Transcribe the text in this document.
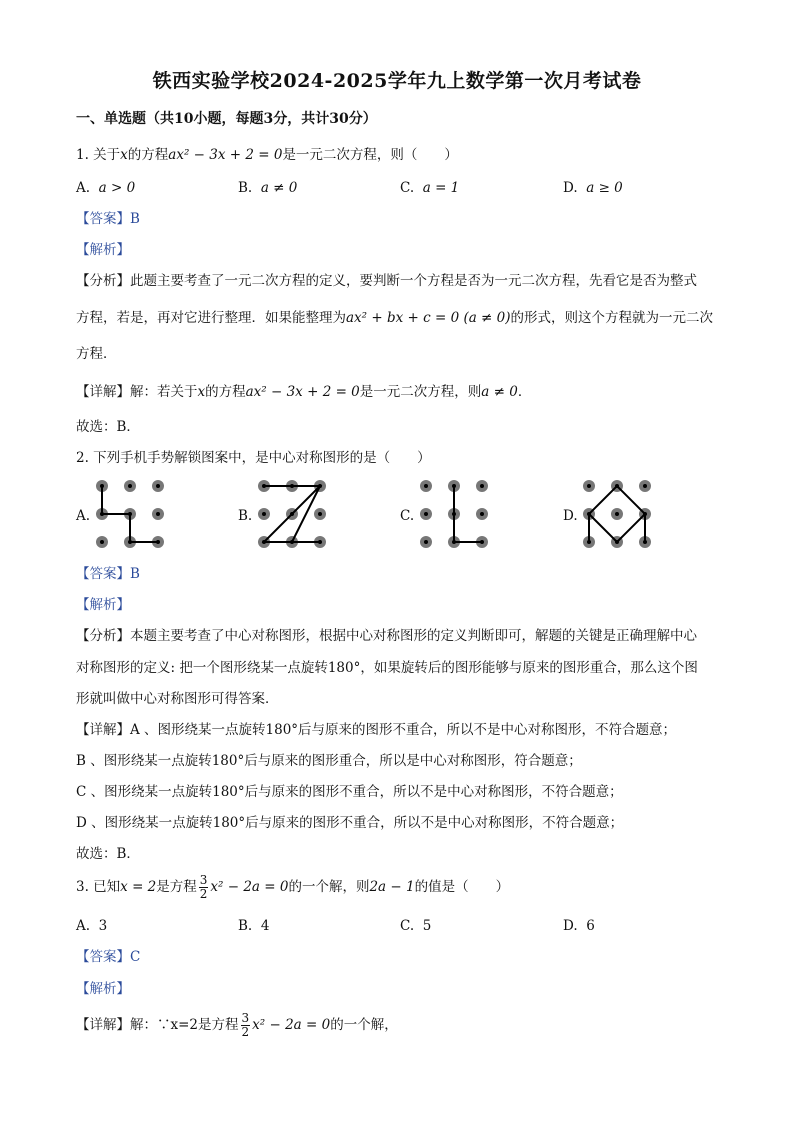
铁西实验学校2024-2025学年九上数学第一次月考试卷
一、单选题（共10小题，每题3分，共计30分）
1. 关于x的方程ax² − 3x + 2 = 0是一元二次方程，则（　　）
A. a > 0	B. a ≠ 0	C. a = 1	D. a ≥ 0
【答案】B
【解析】
【分析】此题主要考查了一元二次方程的定义，要判断一个方程是否为一元二次方程，先看它是否为整式
方程，若是，再对它进行整理．如果能整理为ax² + bx + c = 0 (a ≠ 0)的形式，则这个方程就为一元二次
方程．
【详解】解：若关于x的方程ax² − 3x + 2 = 0是一元二次方程，则a ≠ 0．
故选：B．
2. 下列手机手势解锁图案中，是中心对称图形的是（　　）
A.	B.	C.	D.
【答案】B
【解析】
【分析】本题主要考查了中心对称图形，根据中心对称图形的定义判断即可，解题的关键是正确理解中心
对称图形的定义: 把一个图形绕某一点旋转180°，如果旋转后的图形能够与原来的图形重合，那么这个图
形就叫做中心对称图形可得答案．
【详解】A 、图形绕某一点旋转180°后与原来的图形不重合，所以不是中心对称图形，不符合题意；
B 、图形绕某一点旋转180°后与原来的图形重合，所以是中心对称图形，符合题意；
C 、图形绕某一点旋转180°后与原来的图形不重合，所以不是中心对称图形，不符合题意；
D 、图形绕某一点旋转180°后与原来的图形不重合，所以不是中心对称图形，不符合题意；
故选：B．
3. 已知x = 2是方程 $\frac{3}{2} x^2 - 2a = 0$的一个解，则2a − 1的值是（　　）
A. 3	B. 4	C. 5	D. 6
【答案】C
【解析】
【详解】解：∵x=2是方程 $\frac{3}{2} x^2 - 2a = 0$的一个解，
